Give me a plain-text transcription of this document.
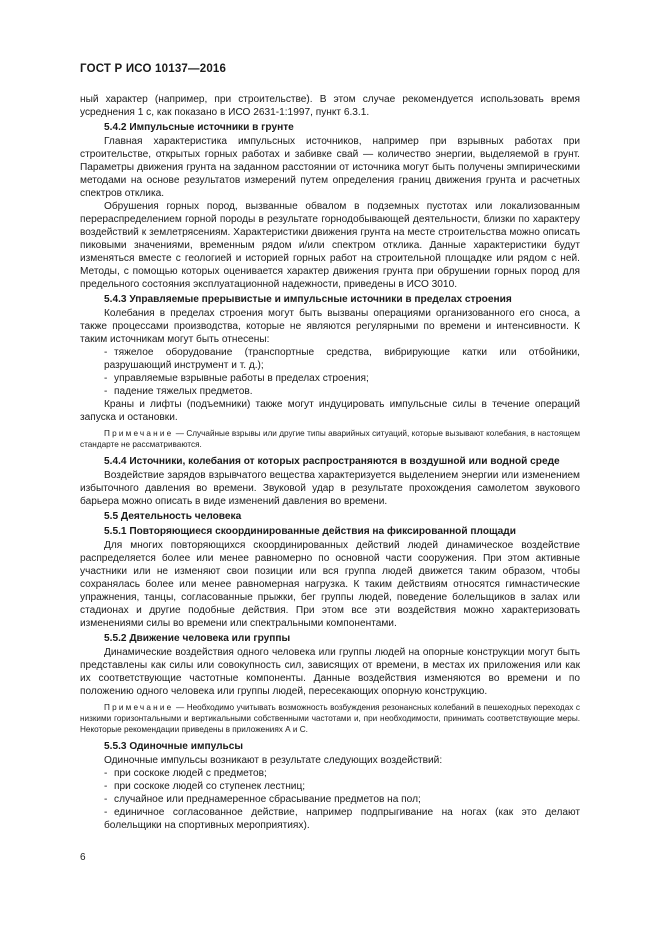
ГОСТ Р ИСО 10137—2016

ный характер (например, при строительстве). В этом случае рекомендуется использовать время усреднения 1 с, как показано в ИСО 2631-1:1997, пункт 6.3.1.

5.4.2 Импульсные источники в грунте

Главная характеристика импульсных источников, например при взрывных работах при строительстве, открытых горных работах и забивке свай — количество энергии, выделяемой в грунт. Параметры движения грунта на заданном расстоянии от источника могут быть получены эмпирическими методами на основе результатов измерений путем определения границ движения грунта и расчетных спектров отклика.

Обрушения горных пород, вызванные обвалом в подземных пустотах или локализованным перераспределением горной породы в результате горнодобывающей деятельности, близки по характеру воздействий к землетрясениям. Характеристики движения грунта на месте строительства можно описать пиковыми значениями, временным рядом и/или спектром отклика. Данные характеристики будут изменяться вместе с геологией и историей горных работ на строительной площадке или рядом с ней. Методы, с помощью которых оценивается характер движения грунта при обрушении горных пород для предельного состояния эксплуатационной надежности, приведены в ИСО 3010.

5.4.3 Управляемые прерывистые и импульсные источники в пределах строения

Колебания в пределах строения могут быть вызваны операциями организованного его сноса, а также процессами производства, которые не являются регулярными по времени и интенсивности. К таким источникам могут быть отнесены:

- тяжелое оборудование (транспортные средства, вибрирующие катки или отбойники, разрушающий инструмент и т. д.);

- управляемые взрывные работы в пределах строения;

- падение тяжелых предметов.

Краны и лифты (подъемники) также могут индуцировать импульсные силы в течение операций запуска и остановки.

Примечание — Случайные взрывы или другие типы аварийных ситуаций, которые вызывают колебания, в настоящем стандарте не рассматриваются.

5.4.4 Источники, колебания от которых распространяются в воздушной или водной среде

Воздействие зарядов взрывчатого вещества характеризуется выделением энергии или изменением избыточного давления во времени. Звуковой удар в результате прохождения самолетом звукового барьера можно описать в виде изменений давления во времени.

5.5 Деятельность человека

5.5.1 Повторяющиеся скоординированные действия на фиксированной площади

Для многих повторяющихся скоординированных действий людей динамическое воздействие распределяется более или менее равномерно по основной части сооружения. При этом активные участники или не изменяют свои позиции или вся группа людей движется таким образом, чтобы сохранялась более или менее равномерная нагрузка. К таким действиям относятся гимнастические упражнения, танцы, согласованные прыжки, бег группы людей, поведение болельщиков в залах или стадионах и другие подобные действия. При этом все эти воздействия можно характеризовать изменениями силы во времени или спектральными компонентами.

5.5.2 Движение человека или группы

Динамические воздействия одного человека или группы людей на опорные конструкции могут быть представлены как силы или совокупность сил, зависящих от времени, в местах их приложения или как их соответствующие частотные компоненты. Данные воздействия изменяются во времени и по положению одного человека или группы людей, пересекающих опорную конструкцию.

Примечание — Необходимо учитывать возможность возбуждения резонансных колебаний в пешеходных переходах с низкими горизонтальными и вертикальными собственными частотами и, при необходимости, принимать соответствующие меры. Некоторые рекомендации приведены в приложениях А и С.

5.5.3 Одиночные импульсы

Одиночные импульсы возникают в результате следующих воздействий:

- при соскоке людей с предметов;

- при соскоке людей со ступенек лестниц;

- случайное или преднамеренное сбрасывание предметов на пол;

- единичное согласованное действие, например подпрыгивание на ногах (как это делают болельщики на спортивных мероприятиях).

6
